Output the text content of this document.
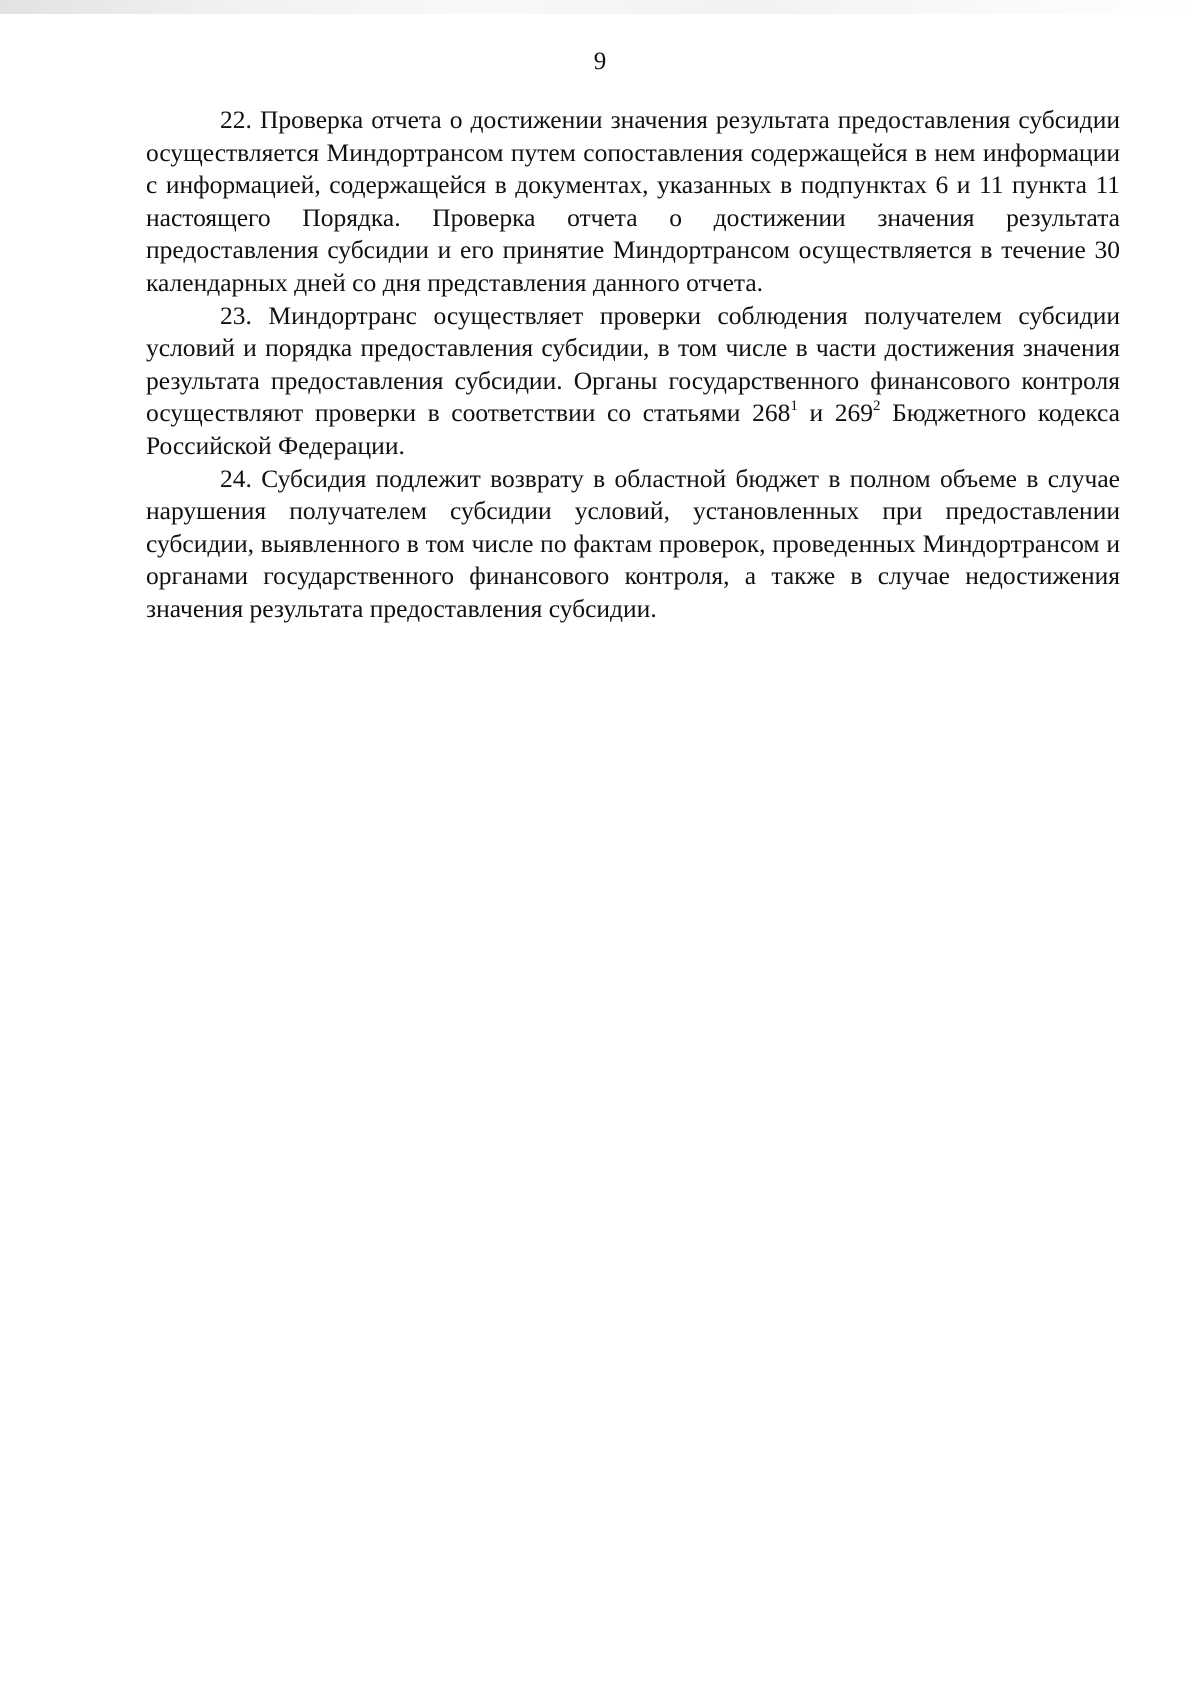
9

22. Проверка отчета о достижении значения результата предоставления субсидии осуществляется Миндортрансом путем сопоставления содержащейся в нем информации с информацией, содержащейся в документах, указанных в подпунктах 6 и 11 пункта 11 настоящего Порядка. Проверка отчета о достижении значения результата предоставления субсидии и его принятие Миндортрансом осуществляется в течение 30 календарных дней со дня представления данного отчета.

23. Миндортранс осуществляет проверки соблюдения получателем субсидии условий и порядка предоставления субсидии, в том числе в части достижения значения результата предоставления субсидии. Органы государственного финансового контроля осуществляют проверки в соответствии со статьями $268^1$ и $269^2$ Бюджетного кодекса Российской Федерации.

24. Субсидия подлежит возврату в областной бюджет в полном объеме в случае нарушения получателем субсидии условий, установленных при предоставлении субсидии, выявленного в том числе по фактам проверок, проведенных Миндортрансом и органами государственного финансового контроля, а также в случае недостижения значения результата предоставления субсидии.
